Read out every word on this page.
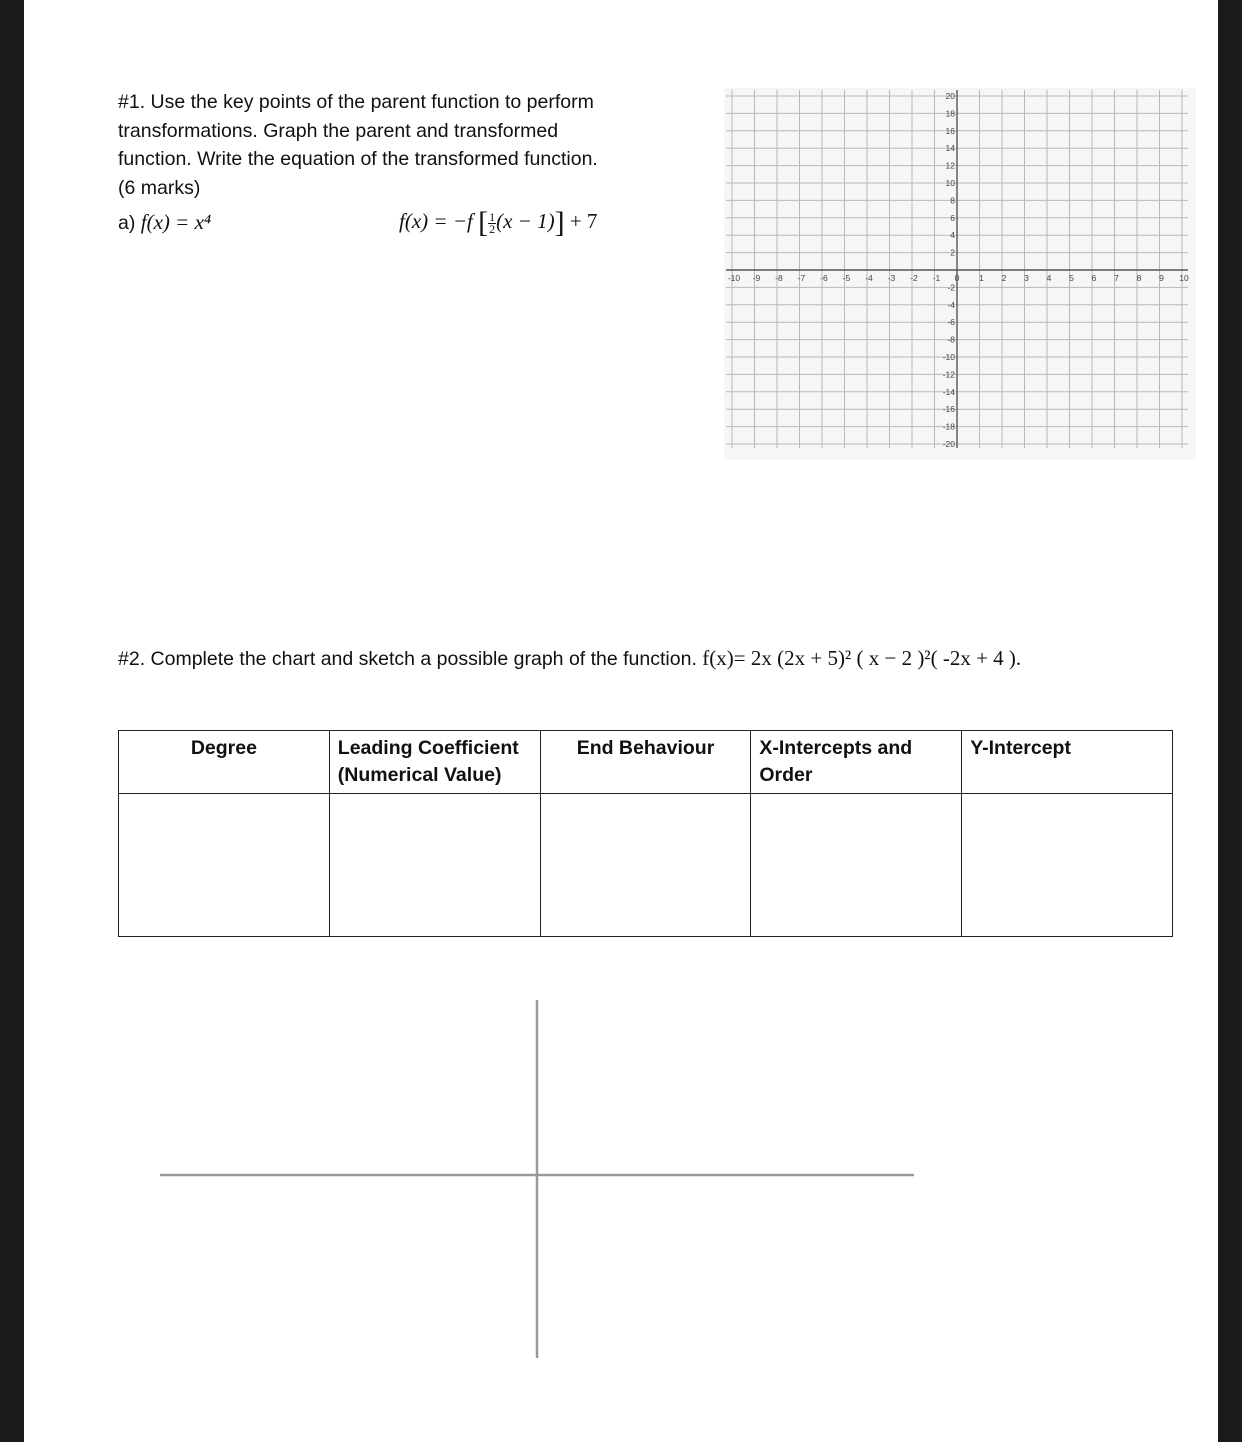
#1. Use the key points of the parent function to perform

transformations. Graph the parent and transformed

function. Write the equation of the transformed function.

(6 marks)

a) f(x) = x⁴	f(x) = −f [ $\frac{1}{2} (x - 1)] + 7$
-10 -9 -8 -7 -6 -5 -4 -3 -2 -1 0 1 2 3 4 5 6 7 8 9 10
20
18
16
14
12
10
8
6
4
2
-2
-4
-6
-8
-10
-12
-14
-16
-18
-20
#2. Complete the chart and sketch a possible graph of the function. f(x)= 2x (2x + 5)² ( x − 2 )²( -2x + 4 ).
Degree	Leading Coefficient
(Numerical Value)	End Behaviour	X-Intercepts and
Order	Y-Intercept
